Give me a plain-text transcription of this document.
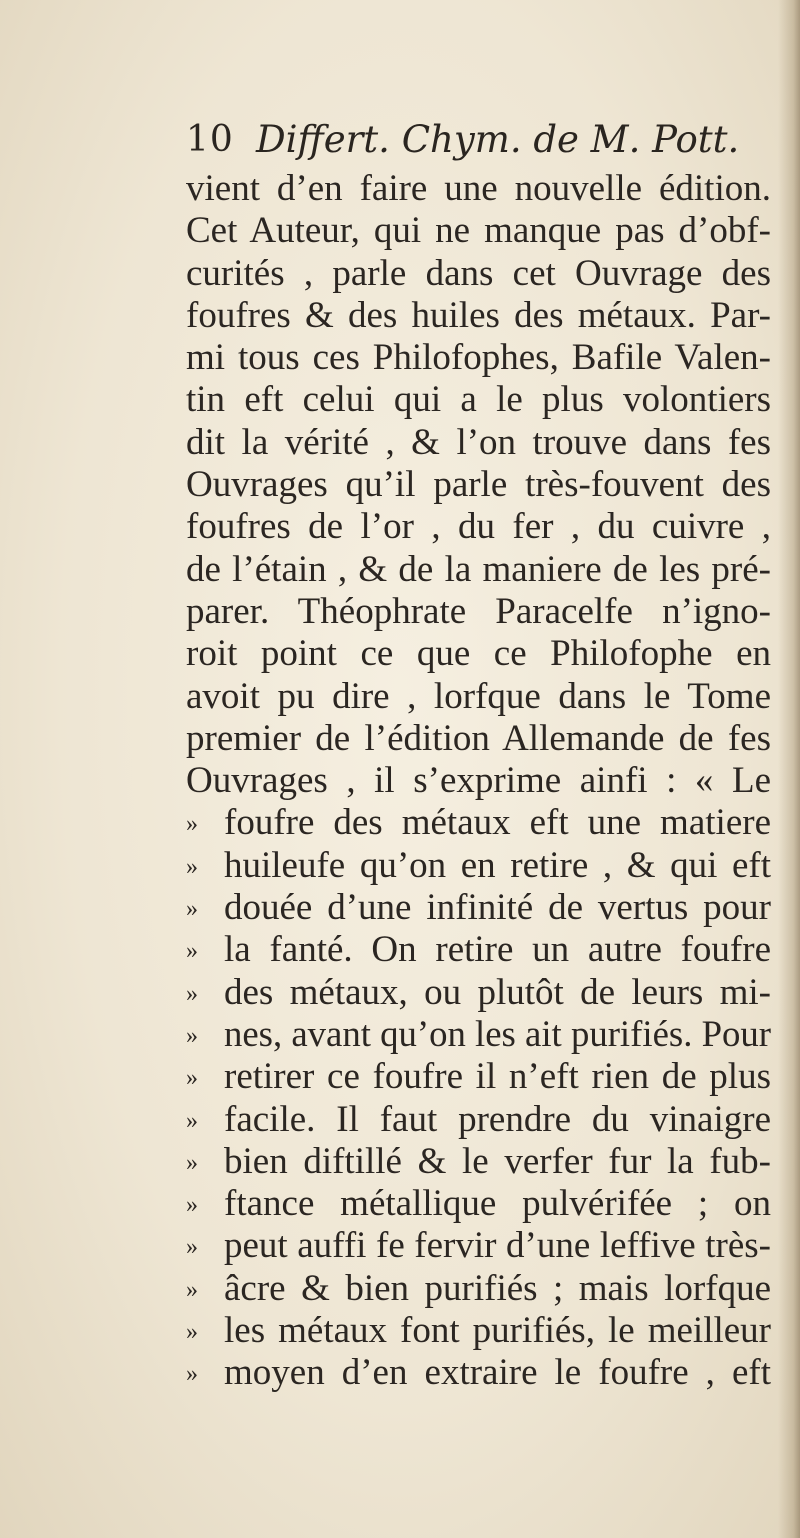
10 Differt. Chym. de M. Pott.
vient d’en faire une nouvelle édition.
Cet Auteur, qui ne manque pas d’obf-
curités , parle dans cet Ouvrage des
foufres & des huiles des métaux. Par-
mi tous ces Philofophes, Bafile Valen-
tin eft celui qui a le plus volontiers
dit la vérité , & l’on trouve dans fes
Ouvrages qu’il parle très-fouvent des
foufres de l’or , du fer , du cuivre ,
de l’étain , & de la maniere de les pré-
parer. Théophrate Paracelfe n’igno-
roit point ce que ce Philofophe en
avoit pu dire , lorfque dans le Tome
premier de l’édition Allemande de fes
Ouvrages , il s’exprime ainfi : « Le
» foufre des métaux eft une matiere
» huileufe qu’on en retire , & qui eft
» douée d’une infinité de vertus pour
» la fanté. On retire un autre foufre
» des métaux, ou plutôt de leurs mi-
» nes, avant qu’on les ait purifiés. Pour
» retirer ce foufre il n’eft rien de plus
» facile. Il faut prendre du vinaigre
» bien diftillé & le verfer fur la fub-
» ftance métallique pulvérifée ; on
» peut auffi fe fervir d’une leffive très-
» âcre & bien purifiés ; mais lorfque
» les métaux font purifiés, le meilleur
» moyen d’en extraire le foufre , eft
